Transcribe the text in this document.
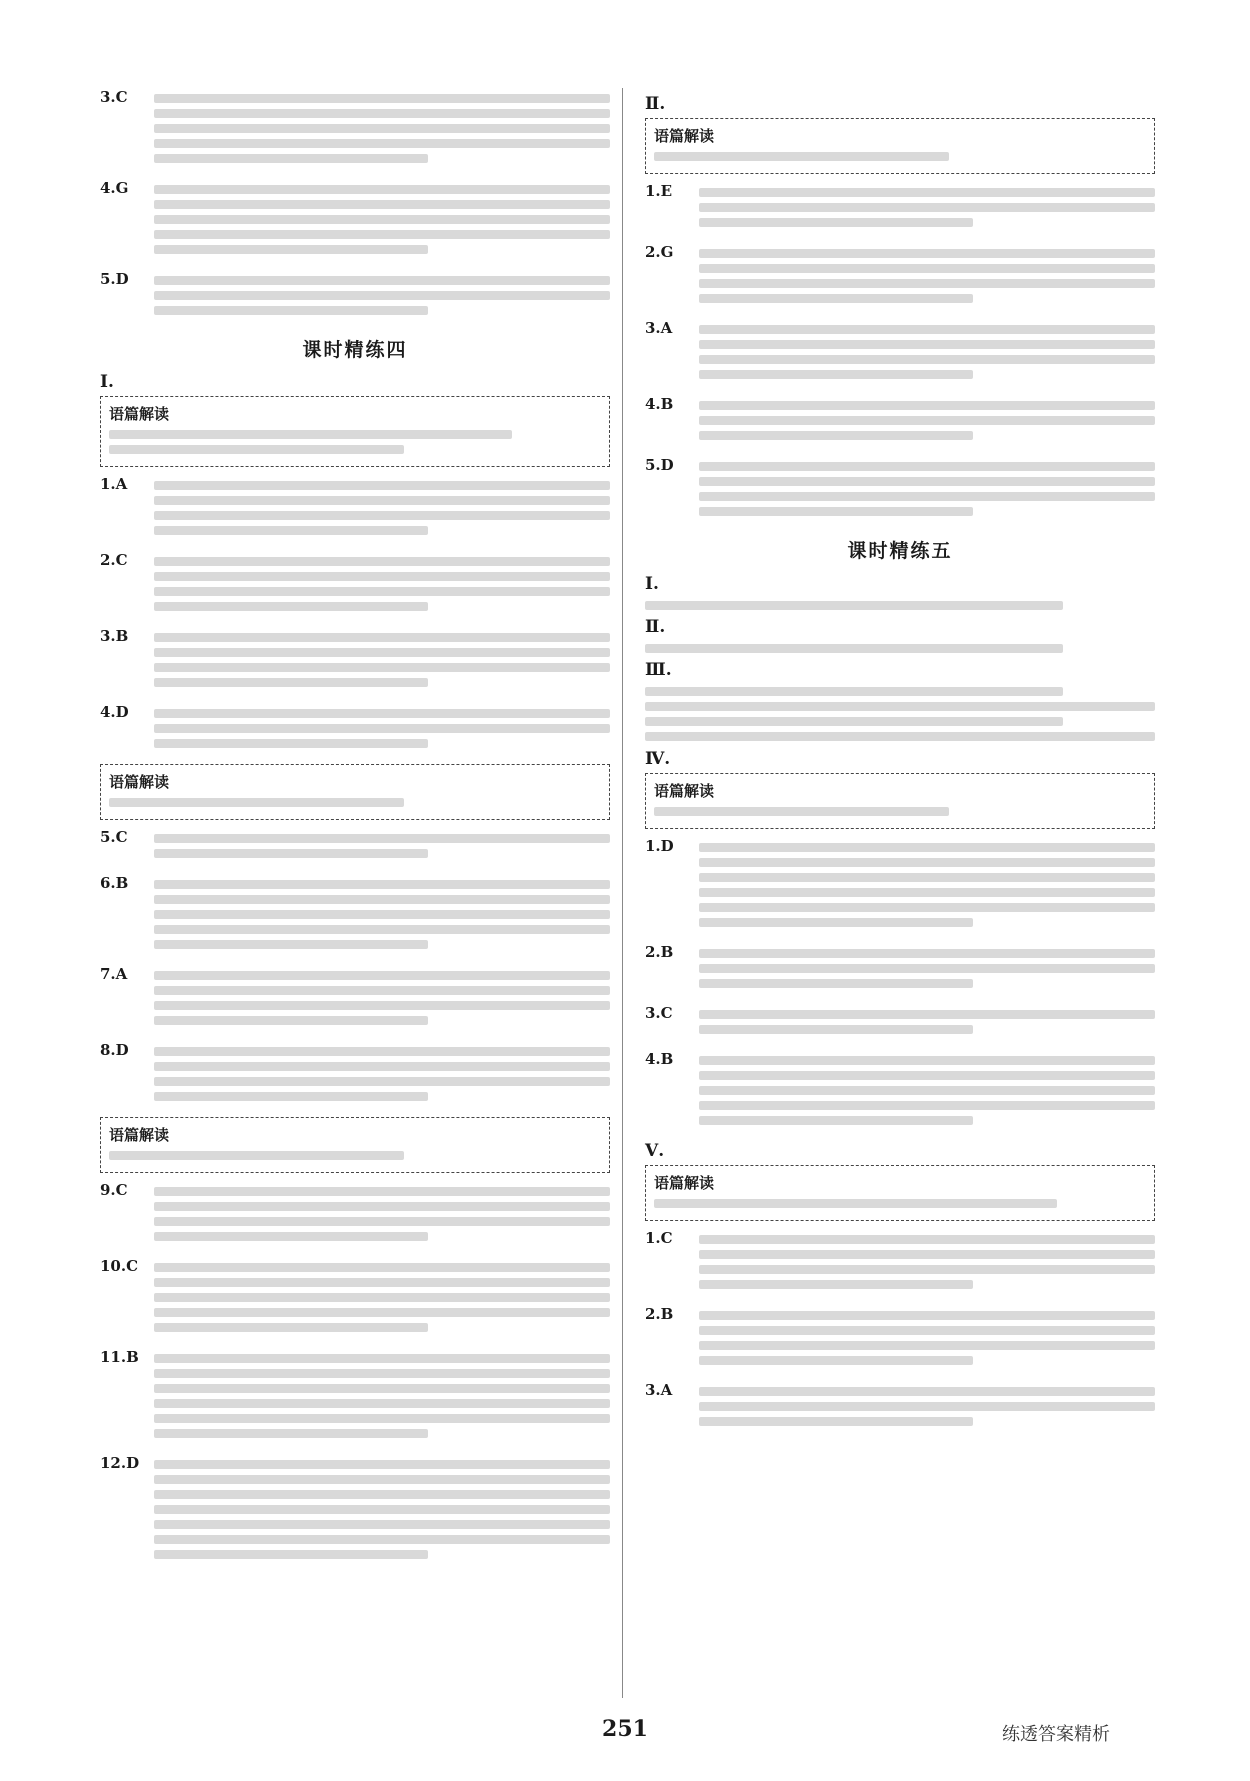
3.C
4.G
5.D
课时精练四
Ⅰ.
语篇解读
1.A
2.C
3.B
4.D
语篇解读
5.C
6.B
7.A
8.D
语篇解读
9.C
10.C
11.B
12.D
Ⅱ.
语篇解读
1.E
2.G
3.A
4.B
5.D
课时精练五
Ⅰ.
Ⅱ.
Ⅲ.
Ⅳ.
语篇解读
1.D
2.B
3.C
4.B
Ⅴ.
语篇解读
1.C
2.B
3.A
251	练透答案精析
